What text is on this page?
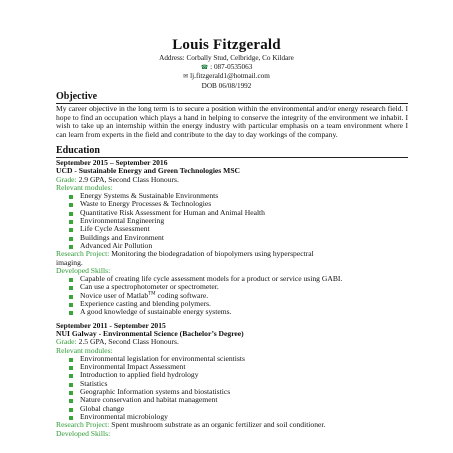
Louis Fitzgerald
Address: Corbally Stud, Celbridge, Co Kildare
☎ : 087-0535063
✉ lj.fitzgerald1@hotmail.com
DOB 06/08/1992
Objective
My career objective in the long term is to secure a position within the environmental and/or energy research field. I hope to find an occupation which plays a hand in helping to conserve the integrity of the environment we inhabit. I wish to take up an internship within the energy industry with particular emphasis on a team environment where I can learn from experts in the field and contribute to the day to day workings of the company.
Education
September 2015 – September 2016
UCD - Sustainable Energy and Green Technologies MSC
Grade: 2.9 GPA, Second Class Honours.
Relevant modules:
Energy Systems & Sustainable Environments
Waste to Energy Processes & Technologies
Quantitative Risk Assessment for Human and Animal Health
Environmental Engineering
Life Cycle Assessment
Buildings and Environment
Advanced Air Pollution
Research Project: Monitoring the biodegradation of biopolymers using hyperspectral
imaging.
Developed Skills:
Capable of creating life cycle assessment models for a product or service using GABI.
Can use a spectrophotometer or spectrometer.
Novice user of Matlab™ coding software.
Experience casting and blending polymers.
A good knowledge of sustainable energy systems.
September 2011 - September 2015
NUI Galway - Environmental Science (Bachelor’s Degree)
Grade: 2.5 GPA, Second Class Honours.
Relevant modules:
Environmental legislation for environmental scientists
Environmental Impact Assessment
Introduction to applied field hydrology
Statistics
Geographic Information systems and biostatistics
Nature conservation and habitat management
Global change
Environmental microbiology
Research Project: Spent mushroom substrate as an organic fertilizer and soil conditioner.
Developed Skills:
